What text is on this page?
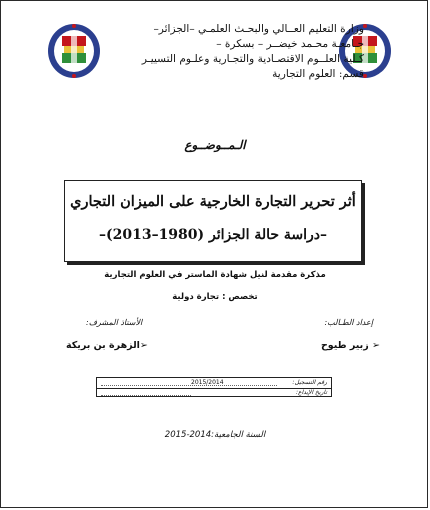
وزارة التعليم العــالي والبحـث العلمـي –الجزائر–
جـامعـة محـمد خيضــر – بسكرة –
كـلية العلــوم الاقتصـادية والتجـارية وعلـوم التسييـر
قسم: العلوم التجارية
الـمــوضــوع
أثر تحرير التجارة الخارجية على الميزان التجاري
–دراسة حالة الجزائر (1980–2013)–
مذكرة مقدمة لنيل شهادة الماستر في العلوم التجارية
تخصص : تجارة دولية
إعداد الطـالب:
الأستاذ المشرف:
➢ زبير طيوح
➢الزهرة بن بريكة
2015/2014	رقم التسجيل:
تاريخ الإيداع:
السنة الجامعية:2014-2015
